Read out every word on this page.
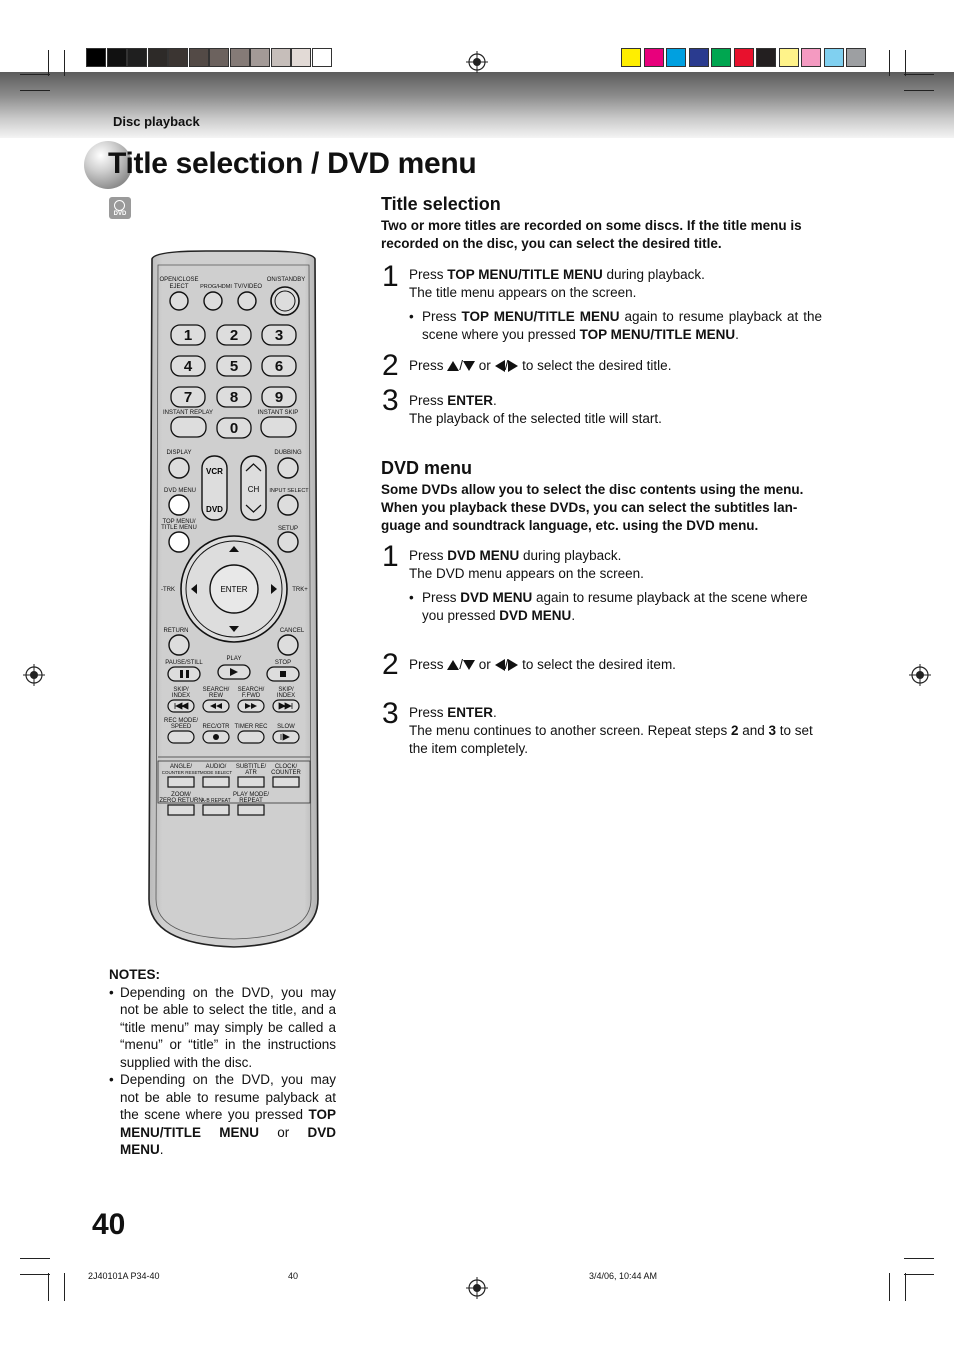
Disc playback
Title selection / DVD menu
DVD
OPEN/CLOSE
EJECT PROG/HDMI TV/VIDEO
ON/STANDBY
1	2 3
4	5 6
7	8 9
0
INSTANT REPLAY	INSTANT SKIP
DISPLAY	DUBBING
DVD MENU	INPUT SELECT
TOP MENU/
TITLE MENU	SETUP
VCR
DVD
CH
ENTER
-TRK	TRK+
RETURN	CANCEL
PAUSE/STILL
PLAY
STOP
SKIP/
INDEX
SEARCH/
REW
SEARCH/
F.FWD
SKIP/
INDEX
REC MODE/
SPEED REC/OTR TIMER REC SLOW
ANGLE/
COUNTER RESET
AUDIO/
MODE SELECT
SUBTITLE/
ATR
CLOCK/
COUNTER
ZOOM/
ZERO RETURN
A-B REPEAT
PLAY MODE/
REPEAT
Title selection
Two or more titles are recorded on some discs. If the title menu is recorded on the disc, you can select the desired title.
1 Press TOP MENU/TITLE MENU during playback.
The title menu appears on the screen.
• Press TOP MENU/TITLE MENU again to resume playback at the scene where you pressed TOP MENU/TITLE MENU.
2 Press / or / to select the desired title.
3 Press ENTER.
The playback of the selected title will start.
DVD menu
Some DVDs allow you to select the disc contents using the menu. When you playback these DVDs, you can select the subtitles lan-guage and soundtrack language, etc. using the DVD menu.
1 Press DVD MENU during playback.
The DVD menu appears on the screen.
• Press DVD MENU again to resume playback at the scene where you pressed DVD MENU.
2 Press / or / to select the desired item.
3 Press ENTER.
The menu continues to another screen. Repeat steps 2 and 3 to set the item completely.
NOTES:
• Depending on the DVD, you may not be able to select the title, and a “title menu” may simply be called a “menu” or “title” in the instructions supplied with the disc.
• Depending on the DVD, you may not be able to resume palyback at the scene where you pressed TOP MENU/TITLE MENU or DVD MENU.
40
2J40101A P34-40	40	3/4/06, 10:44 AM
